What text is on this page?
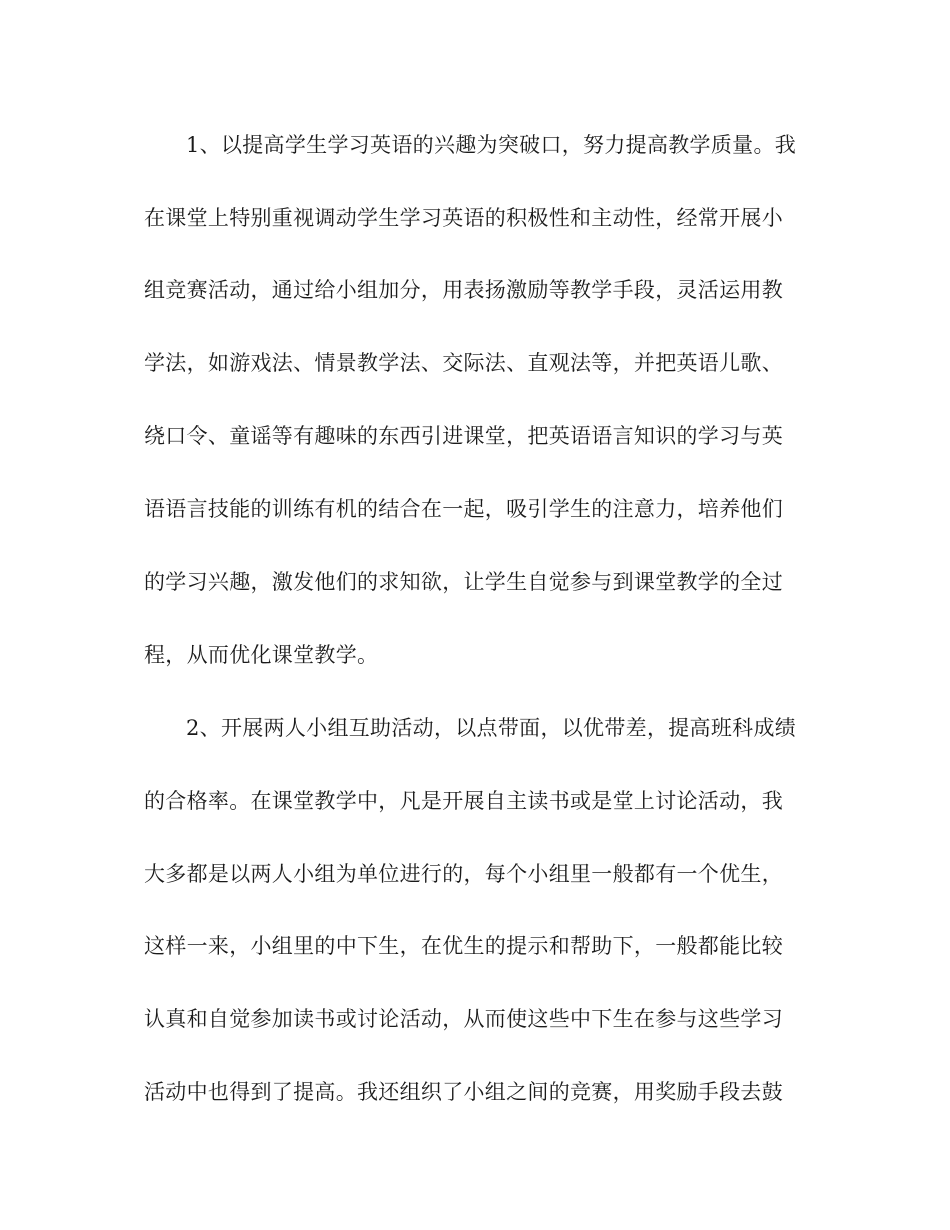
1、以提高学生学习英语的兴趣为突破口，努力提高教学质量。我
在课堂上特别重视调动学生学习英语的积极性和主动性，经常开展小
组竞赛活动，通过给小组加分，用表扬激励等教学手段，灵活运用教
学法，如游戏法、情景教学法、交际法、直观法等，并把英语儿歌、
绕口令、童谣等有趣味的东西引进课堂，把英语语言知识的学习与英
语语言技能的训练有机的结合在一起，吸引学生的注意力，培养他们
的学习兴趣，激发他们的求知欲，让学生自觉参与到课堂教学的全过
程，从而优化课堂教学。
2、开展两人小组互助活动，以点带面，以优带差，提高班科成绩
的合格率。在课堂教学中，凡是开展自主读书或是堂上讨论活动，我
大多都是以两人小组为单位进行的，每个小组里一般都有一个优生，
这样一来，小组里的中下生，在优生的提示和帮助下，一般都能比较
认真和自觉参加读书或讨论活动，从而使这些中下生在参与这些学习
活动中也得到了提高。我还组织了小组之间的竞赛，用奖励手段去鼓
